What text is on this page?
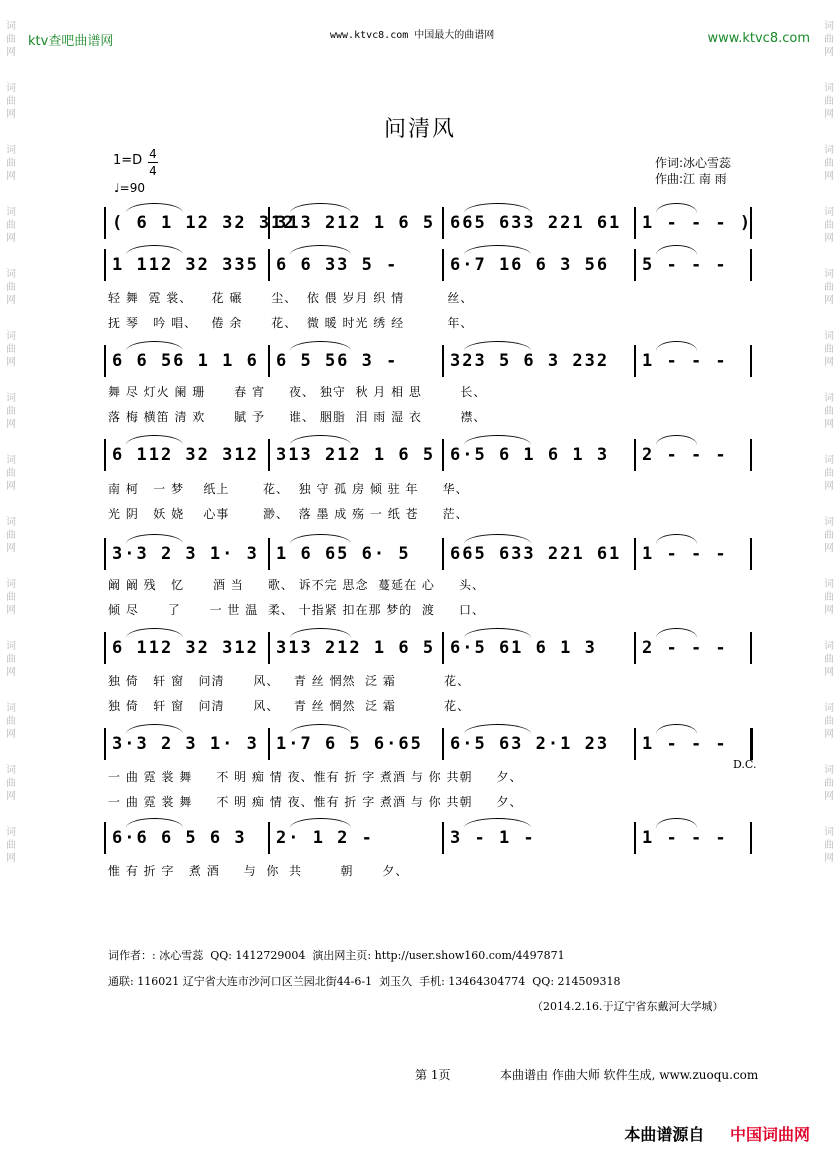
词
曲
网
词
曲
网
词
曲
网
词
曲
网
词
曲
网
词
曲
网
词
曲
网
词
曲
网
词
曲
网
词
曲
网
词
曲
网
词
曲
网
词
曲
网
词
曲
网
词
曲
网
词
曲
网
词
曲
网
词
曲
网
词
曲
网
词
曲
网
词
曲
网
词
曲
网
词
曲
网
词
曲
网
词
曲
网
词
曲
网
词
曲
网
词
曲
网
ktv查吧曲谱网	www.ktvc8.com 中国最大的曲谱网	www.ktvc8.com
问清风
1=D 4
4
♩=90
作词:冰心雪蕊
作曲:江 南 雨
( 6 1 12 32 312
313 212 1 6 5 665 633 221 61 1 - - - )
1 112 32 335 6 6 33 5 -	6·7 16 6 3 56 5 - - -
6 6 56 1 1 6 6 5 56 3 -	323 5 6 3 232 1 - - -
6 112 32 312 313 212 1 6 5 6·5 6 1 6 1 3 2 - - -
3·3 2 3 1· 3 1 6 65 6· 5 665 633 221 61 1 - - -
6 112 32 312 313 212 1 6 5 6·5 61 6 1 3	2 - - -
3·3 2 3 1· 3 1·7 6 5 6·65 6·5 63 2·1 23 1 - - -
6·6 6 5 6 3 2· 1 2 -	3 - 1 -	1 - - -
轻 舞  霓 裳、    花 碾      尘、  依 偎 岁月 织 情         丝、
抚 琴   吟 唱、   倦 余      花、  微 暖 时光 绣 经         年、
舞 尽 灯火 阑 珊      春 宵     夜、 独守  秋 月 相 思        长、
落 梅 横笛 清 欢      賦 予     谁、 胭脂  泪 雨 湿 衣        襟、
南 柯   一 梦    纸上       花、  独 守 孤 房 倾 驻 年     华、
光 阴   妖 娆    心事       渺、  落 墨 成 殇 一 纸 苍     茫、
阚 阚 残   忆      酒 当     歌、 诉不完 思念  蔓延在 心     头、
倾 尽      了      一 世 温  柔、 十指紧 扣在那 梦的  渡     口、
独 倚   轩 窗   问清      风、   青 丝 惘然  泛 霜          花、
独 倚   轩 窗   问清      风、   青 丝 惘然  泛 霜          花、
一 曲 霓 裳 舞     不 明 痴 情 夜、惟有 折 字 煮酒 与 你 共朝     夕、
一 曲 霓 裳 舞     不 明 痴 情 夜、惟有 折 字 煮酒 与 你 共朝     夕、
惟 有 折 字   煮 酒     与  你  共        朝      夕、
D.C.
词作者：: 冰心雪蕊  QQ: 1412729004  演出网主页: http://user.show160.com/4497871
通联: 116021 辽宁省大连市沙河口区兰园北街44-6-1  刘玉久  手机: 13464304774  QQ: 214509318
（2014.2.16.于辽宁省东戴河大学城）
第 1页	本曲谱由 作曲大师 软件生成, www.zuoqu.com
本曲谱源自 中国词曲网
